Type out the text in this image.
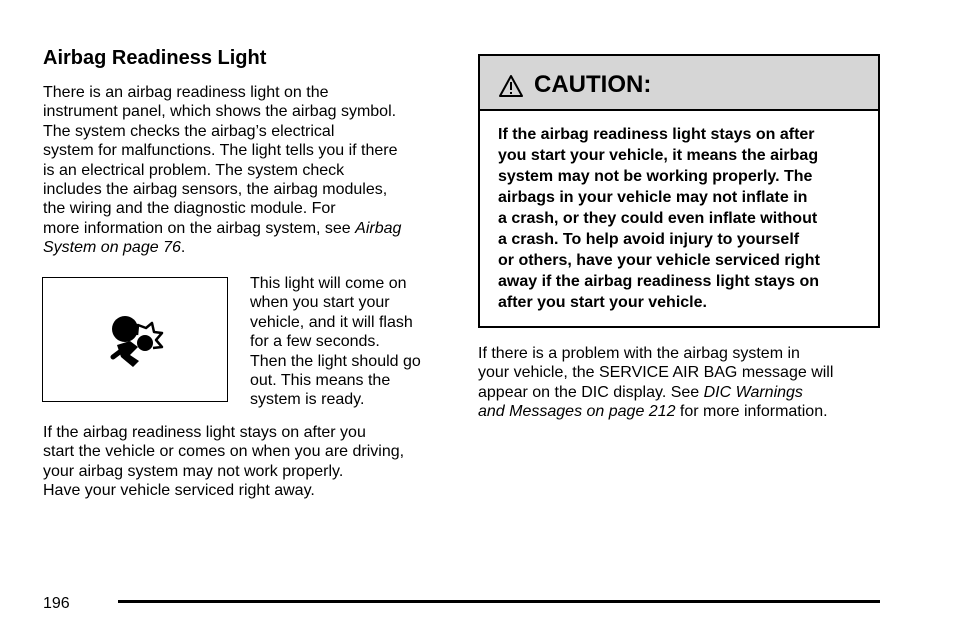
Airbag Readiness Light

There is an airbag readiness light on the
instrument panel, which shows the airbag symbol.
The system checks the airbag’s electrical
system for malfunctions. The light tells you if there
is an electrical problem. The system check
includes the airbag sensors, the airbag modules,
the wiring and the diagnostic module. For
more information on the airbag system, see Airbag
System on page 76.

This light will come on
when you start your
vehicle, and it will flash
for a few seconds.
Then the light should go
out. This means the
system is ready.

If the airbag readiness light stays on after you
start the vehicle or comes on when you are driving,
your airbag system may not work properly.
Have your vehicle serviced right away.

CAUTION:

If the airbag readiness light stays on after
you start your vehicle, it means the airbag
system may not be working properly. The
airbags in your vehicle may not inflate in
a crash, or they could even inflate without
a crash. To help avoid injury to yourself
or others, have your vehicle serviced right
away if the airbag readiness light stays on
after you start your vehicle.

If there is a problem with the airbag system in
your vehicle, the SERVICE AIR BAG message will
appear on the DIC display. See DIC Warnings
and Messages on page 212 for more information.

196
